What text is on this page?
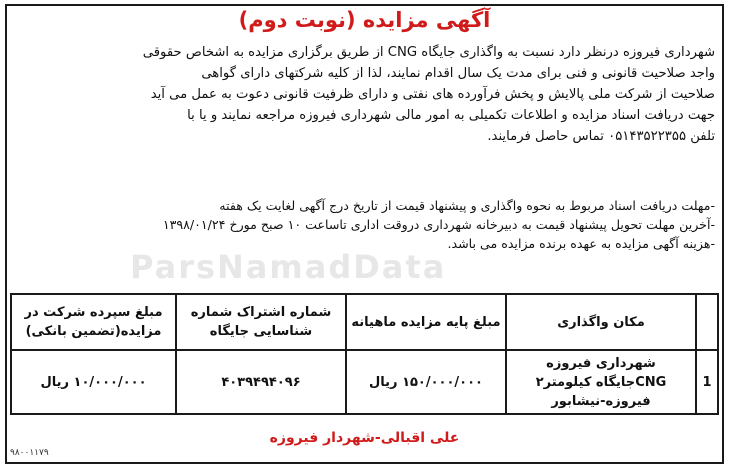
آگهی مزایده (نوبت دوم)

شهرداری فیروزه درنظر دارد نسبت به واگذاری جایگاه CNG از طریق برگزاری مزایده به اشخاص حقوقی

واجد صلاحیت قانونی و فنی برای مدت یک سال اقدام نمایند، لذا از کلیه شرکتهای دارای گواهی

صلاحیت از شرکت ملی پالایش و پخش فرآورده های نفتی و دارای ظرفیت قانونی دعوت به عمل می آید

جهت دریافت اسناد مزایده و اطلاعات تکمیلی به امور مالی شهرداری فیروزه مراجعه نمایند و یا با

تلفن ۰۵۱۴۳۵۲۲۳۵۵ تماس حاصل فرمایند.

-مهلت دریافت اسناد مربوط به نحوه واگذاری و پیشنهاد قیمت از تاریخ درج آگهی لغایت یک هفته
-آخرین مهلت تحویل پیشنهاد قیمت به دبیرخانه شهرداری دروقت اداری تاساعت ۱۰ صبح مورخ ۱۳۹۸/۰۱/۲۴
-هزینه آگهی مزایده به عهده برنده مزایده می باشد.
ParsNamadData
	مکان واگذاری	مبلغ پایه مزایده ماهیانه	شماره اشتراک شماره شناسایی جایگاه	مبلغ سپرده شرکت در مزایده(تضمین بانکی)
1	شهرداری فیروزه CNGجایگاه کیلومتر۲ فیروزه-نیشابور	۱۵۰/۰۰۰/۰۰۰ ریال	۴۰۳۹۴۹۴۰۹۶	۱۰/۰۰۰/۰۰۰ ریال
علی اقبالی-شهردار فیروزه
۹۸۰۰۱۱۷۹
